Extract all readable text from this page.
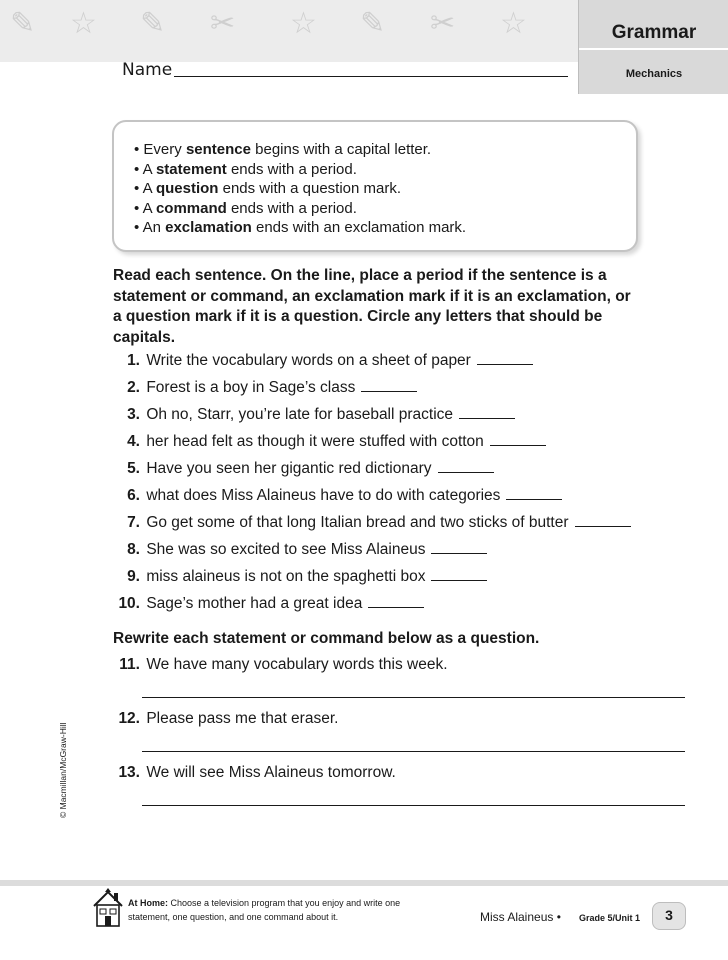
✎ ☆ ✎ ✂ ☆ ✎ ✂ ☆	Grammar
Mechanics
Name
• Every sentence begins with a capital letter.
• A statement ends with a period.
• A question ends with a question mark.
• A command ends with a period.
• An exclamation ends with an exclamation mark.
Read each sentence. On the line, place a period if the sentence is a statement or command, an exclamation mark if it is an exclamation, or a question mark if it is a question. Circle any letters that should be capitals.
1. Write the vocabulary words on a sheet of paper
2. Forest is a boy in Sage’s class
3. Oh no, Starr, you’re late for baseball practice
4. her head felt as though it were stuffed with cotton
5. Have you seen her gigantic red dictionary
6. what does Miss Alaineus have to do with categories
7. Go get some of that long Italian bread and two sticks of butter
8. She was so excited to see Miss Alaineus
9. miss alaineus is not on the spaghetti box
10. Sage’s mother had a great idea
Rewrite each statement or command below as a question.
11. We have many vocabulary words this week.
12. Please pass me that eraser.
13. We will see Miss Alaineus tomorrow.
© Macmillan/McGraw-Hill
At Home: Choose a television program that you enjoy and write one statement, one question, and one command about it.	Miss Alaineus • Grade 5/Unit 1	3
